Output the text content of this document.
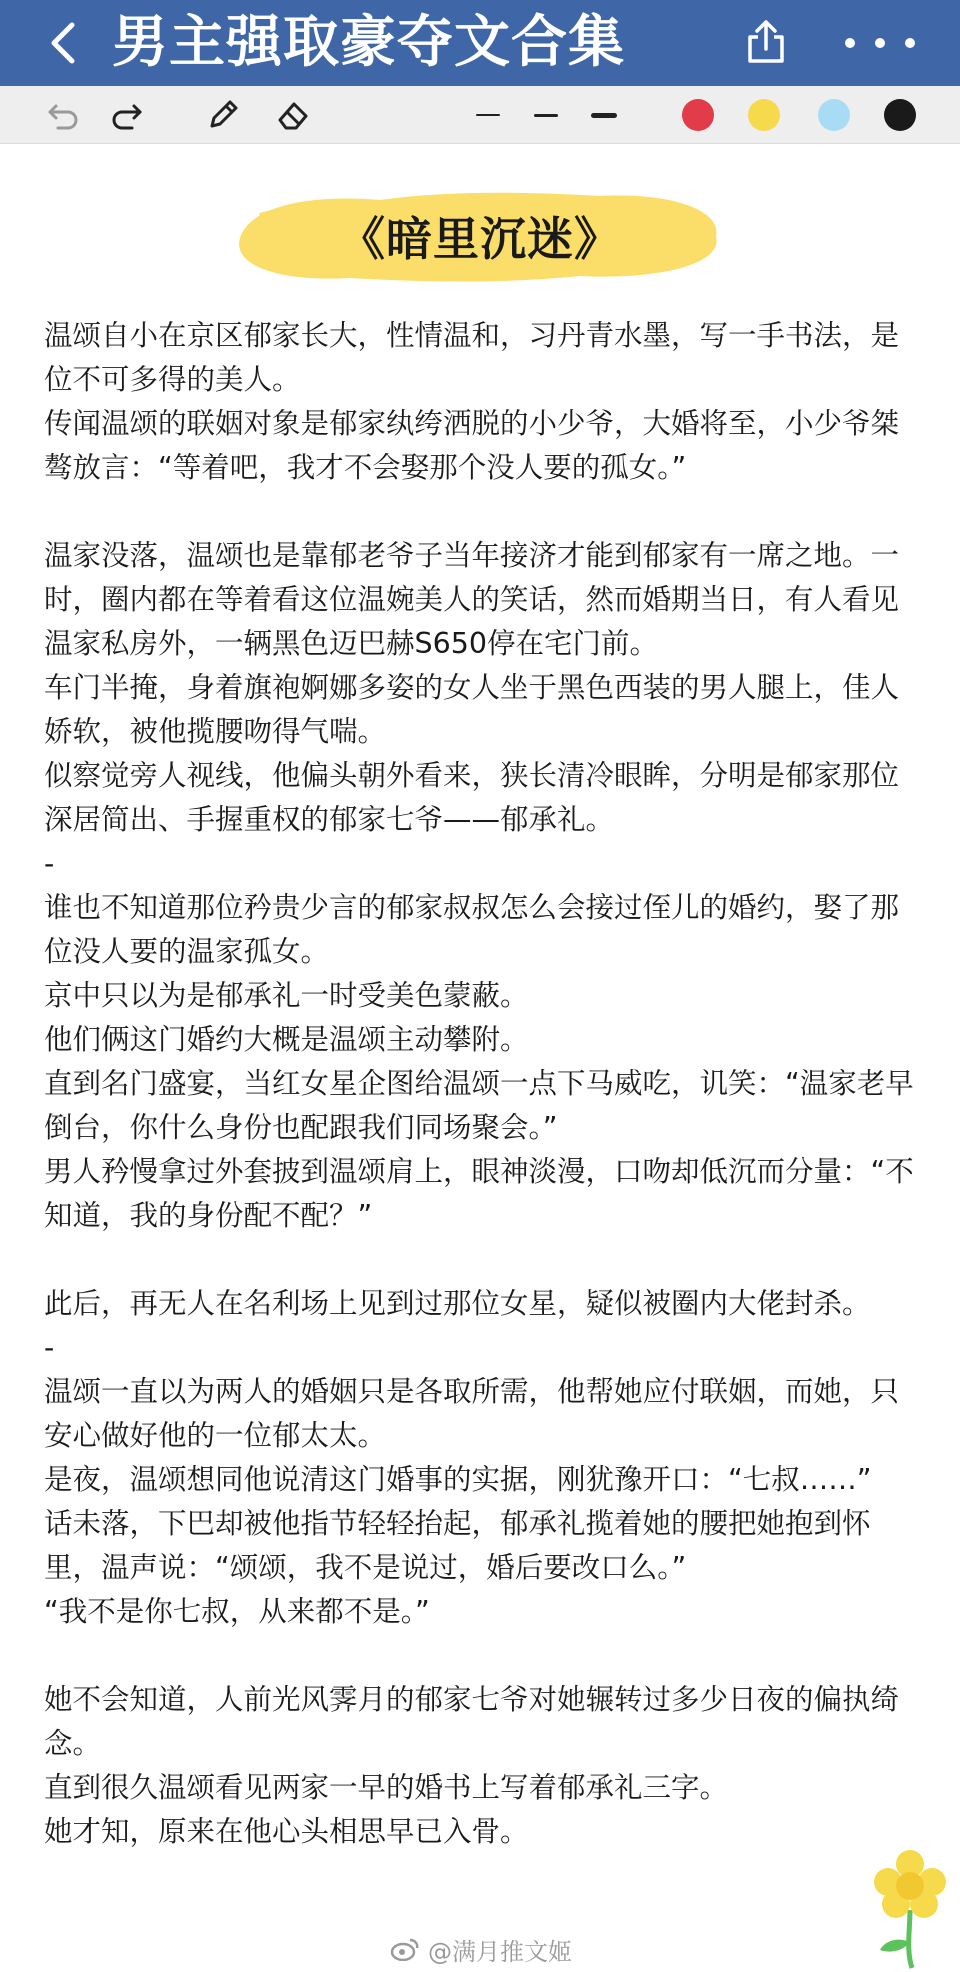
男主强取豪夺文合集
《暗里沉迷》

温颂自小在京区郁家长大，性情温和，习丹青水墨，写一手书法，是位不可多得的美人。

传闻温颂的联姻对象是郁家纨绔洒脱的小少爷，大婚将至，小少爷桀骜放言：“等着吧，我才不会娶那个没人要的孤女。”

温家没落，温颂也是靠郁老爷子当年接济才能到郁家有一席之地。一时，圈内都在等着看这位温婉美人的笑话，然而婚期当日，有人看见温家私房外，一辆黑色迈巴赫S650停在宅门前。

车门半掩，身着旗袍婀娜多姿的女人坐于黑色西装的男人腿上，佳人娇软，被他揽腰吻得气喘。

似察觉旁人视线，他偏头朝外看来，狭长清冷眼眸，分明是郁家那位深居简出、手握重权的郁家七爷——郁承礼。

-

谁也不知道那位矜贵少言的郁家叔叔怎么会接过侄儿的婚约，娶了那位没人要的温家孤女。

京中只以为是郁承礼一时受美色蒙蔽。

他们俩这门婚约大概是温颂主动攀附。

直到名门盛宴，当红女星企图给温颂一点下马威吃，讥笑：“温家老早倒台，你什么身份也配跟我们同场聚会。”

男人矜慢拿过外套披到温颂肩上，眼神淡漫，口吻却低沉而分量：“不知道，我的身份配不配？”

此后，再无人在名利场上见到过那位女星，疑似被圈内大佬封杀。

-

温颂一直以为两人的婚姻只是各取所需，他帮她应付联姻，而她，只安心做好他的一位郁太太。

是夜，温颂想同他说清这门婚事的实据，刚犹豫开口：“七叔……”

话未落，下巴却被他指节轻轻抬起，郁承礼揽着她的腰把她抱到怀里，温声说：“颂颂，我不是说过，婚后要改口么。”

“我不是你七叔，从来都不是。”

她不会知道，人前光风霁月的郁家七爷对她辗转过多少日夜的偏执绮念。

直到很久温颂看见两家一早的婚书上写着郁承礼三字。

她才知，原来在他心头相思早已入骨。

@满月推文姬
